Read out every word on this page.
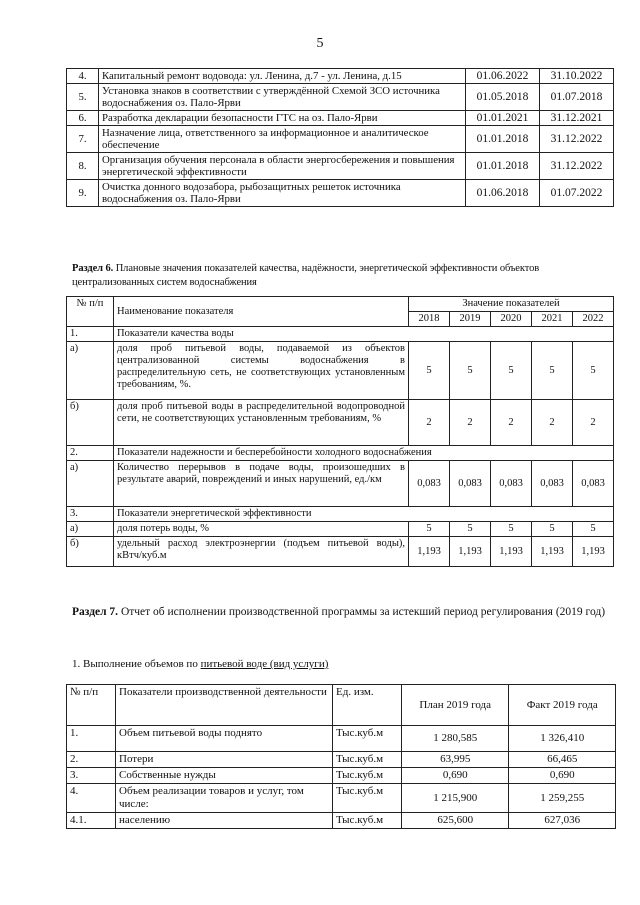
5
4.	Капитальный ремонт водовода: ул. Ленина, д.7 - ул. Ленина, д.15	01.06.2022	31.10.2022
5.	Установка знаков в соответствии с утверждённой Схемой ЗСО источника водоснабжения оз. Пало-Ярви	01.05.2018	01.07.2018
6.	Разработка декларации безопасности ГТС на оз. Пало-Ярви	01.01.2021	31.12.2021
7.	Назначение лица, ответственного за информационное и аналитическое обеспечение	01.01.2018	31.12.2022
8.	Организация обучения персонала в области энергосбережения и повышения энергетической эффективности	01.01.2018	31.12.2022
9.	Очистка донного водозабора, рыбозащитных решеток источника водоснабжения оз. Пало-Ярви	01.06.2018	01.07.2022
Раздел 6. Плановые значения показателей качества, надёжности, энергетической эффективности объектов централизованных систем водоснабжения
№ п/п	Наименование показателя	Значение показателей				
		2018	2019	2020	2021	2022
1.	Показатели качества воды					
а)	доля проб питьевой воды, подаваемой из объектов централизованной системы водоснабжения в распределительную сеть, не соответствующих установленным требованиям, %.	5	5	5	5	5
б)	доля проб питьевой воды в распределительной водопроводной сети, не соответствующих установленным требованиям, %	2	2	2	2	2
2.	Показатели надежности и бесперебойности холодного водоснабжения					
а)	Количество перерывов в подаче воды, произошедших в результате аварий, повреждений и иных нарушений, ед./км	0,083	0,083	0,083	0,083	0,083
3.	Показатели энергетической эффективности					
а)	доля потерь воды, %	5	5	5	5	5
б)	удельный расход электроэнергии (подъем питьевой воды), кВтч/куб.м	1,193	1,193	1,193	1,193	1,193
Раздел 7. Отчет об исполнении производственной программы за истекший период регулирования (2019 год)
1. Выполнение объемов по питьевой воде (вид услуги)
№ п/п	Показатели производственной деятельности	Ед. изм.	План 2019 года	Факт 2019 года
1.	Объем питьевой воды поднято	Тыс.куб.м	1 280,585	1 326,410
2.	Потери	Тыс.куб.м	63,995	66,465
3.	Собственные нужды	Тыс.куб.м	0,690	0,690
4.	Объем реализации товаров и услуг, том числе:	Тыс.куб.м	1 215,900	1 259,255
4.1.	населению	Тыс.куб.м	625,600	627,036
